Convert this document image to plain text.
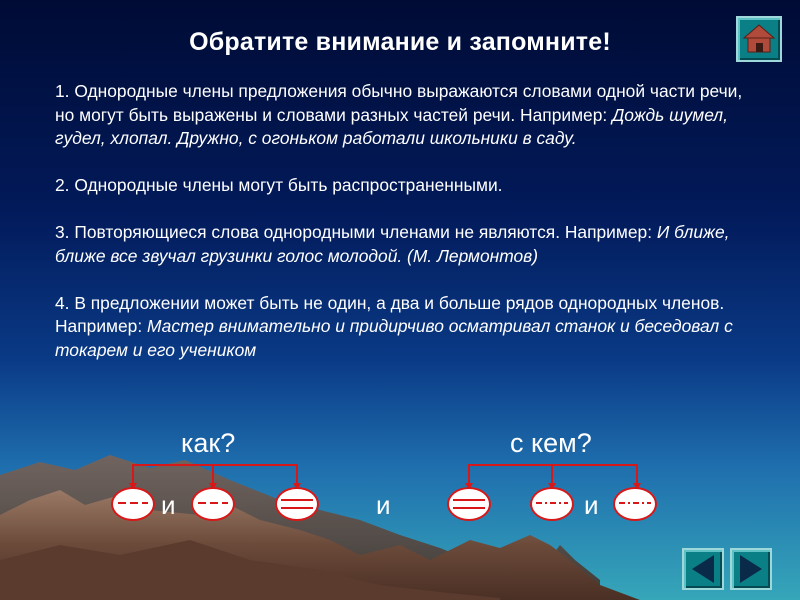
Обратите внимание и запомните!

1. Однородные члены предложения обычно выражаются словами одной части речи, но могут быть выражены и словами разных частей речи. Например: Дождь шумел, гудел, хлопал. Дружно, с огоньком работали школьники в саду.

2. Однородные члены могут быть распространенными.

3. Повторяющиеся слова однородными членами не являются. Например: И ближе, ближе все звучал грузинки голос молодой. (М. Лермонтов)

4. В предложении может быть не один, а два и больше рядов однородных членов. Например: Мастер внимательно и придирчиво осматривал станок и беседовал с токарем и его учеником

как?	с кем?
и	и	и
